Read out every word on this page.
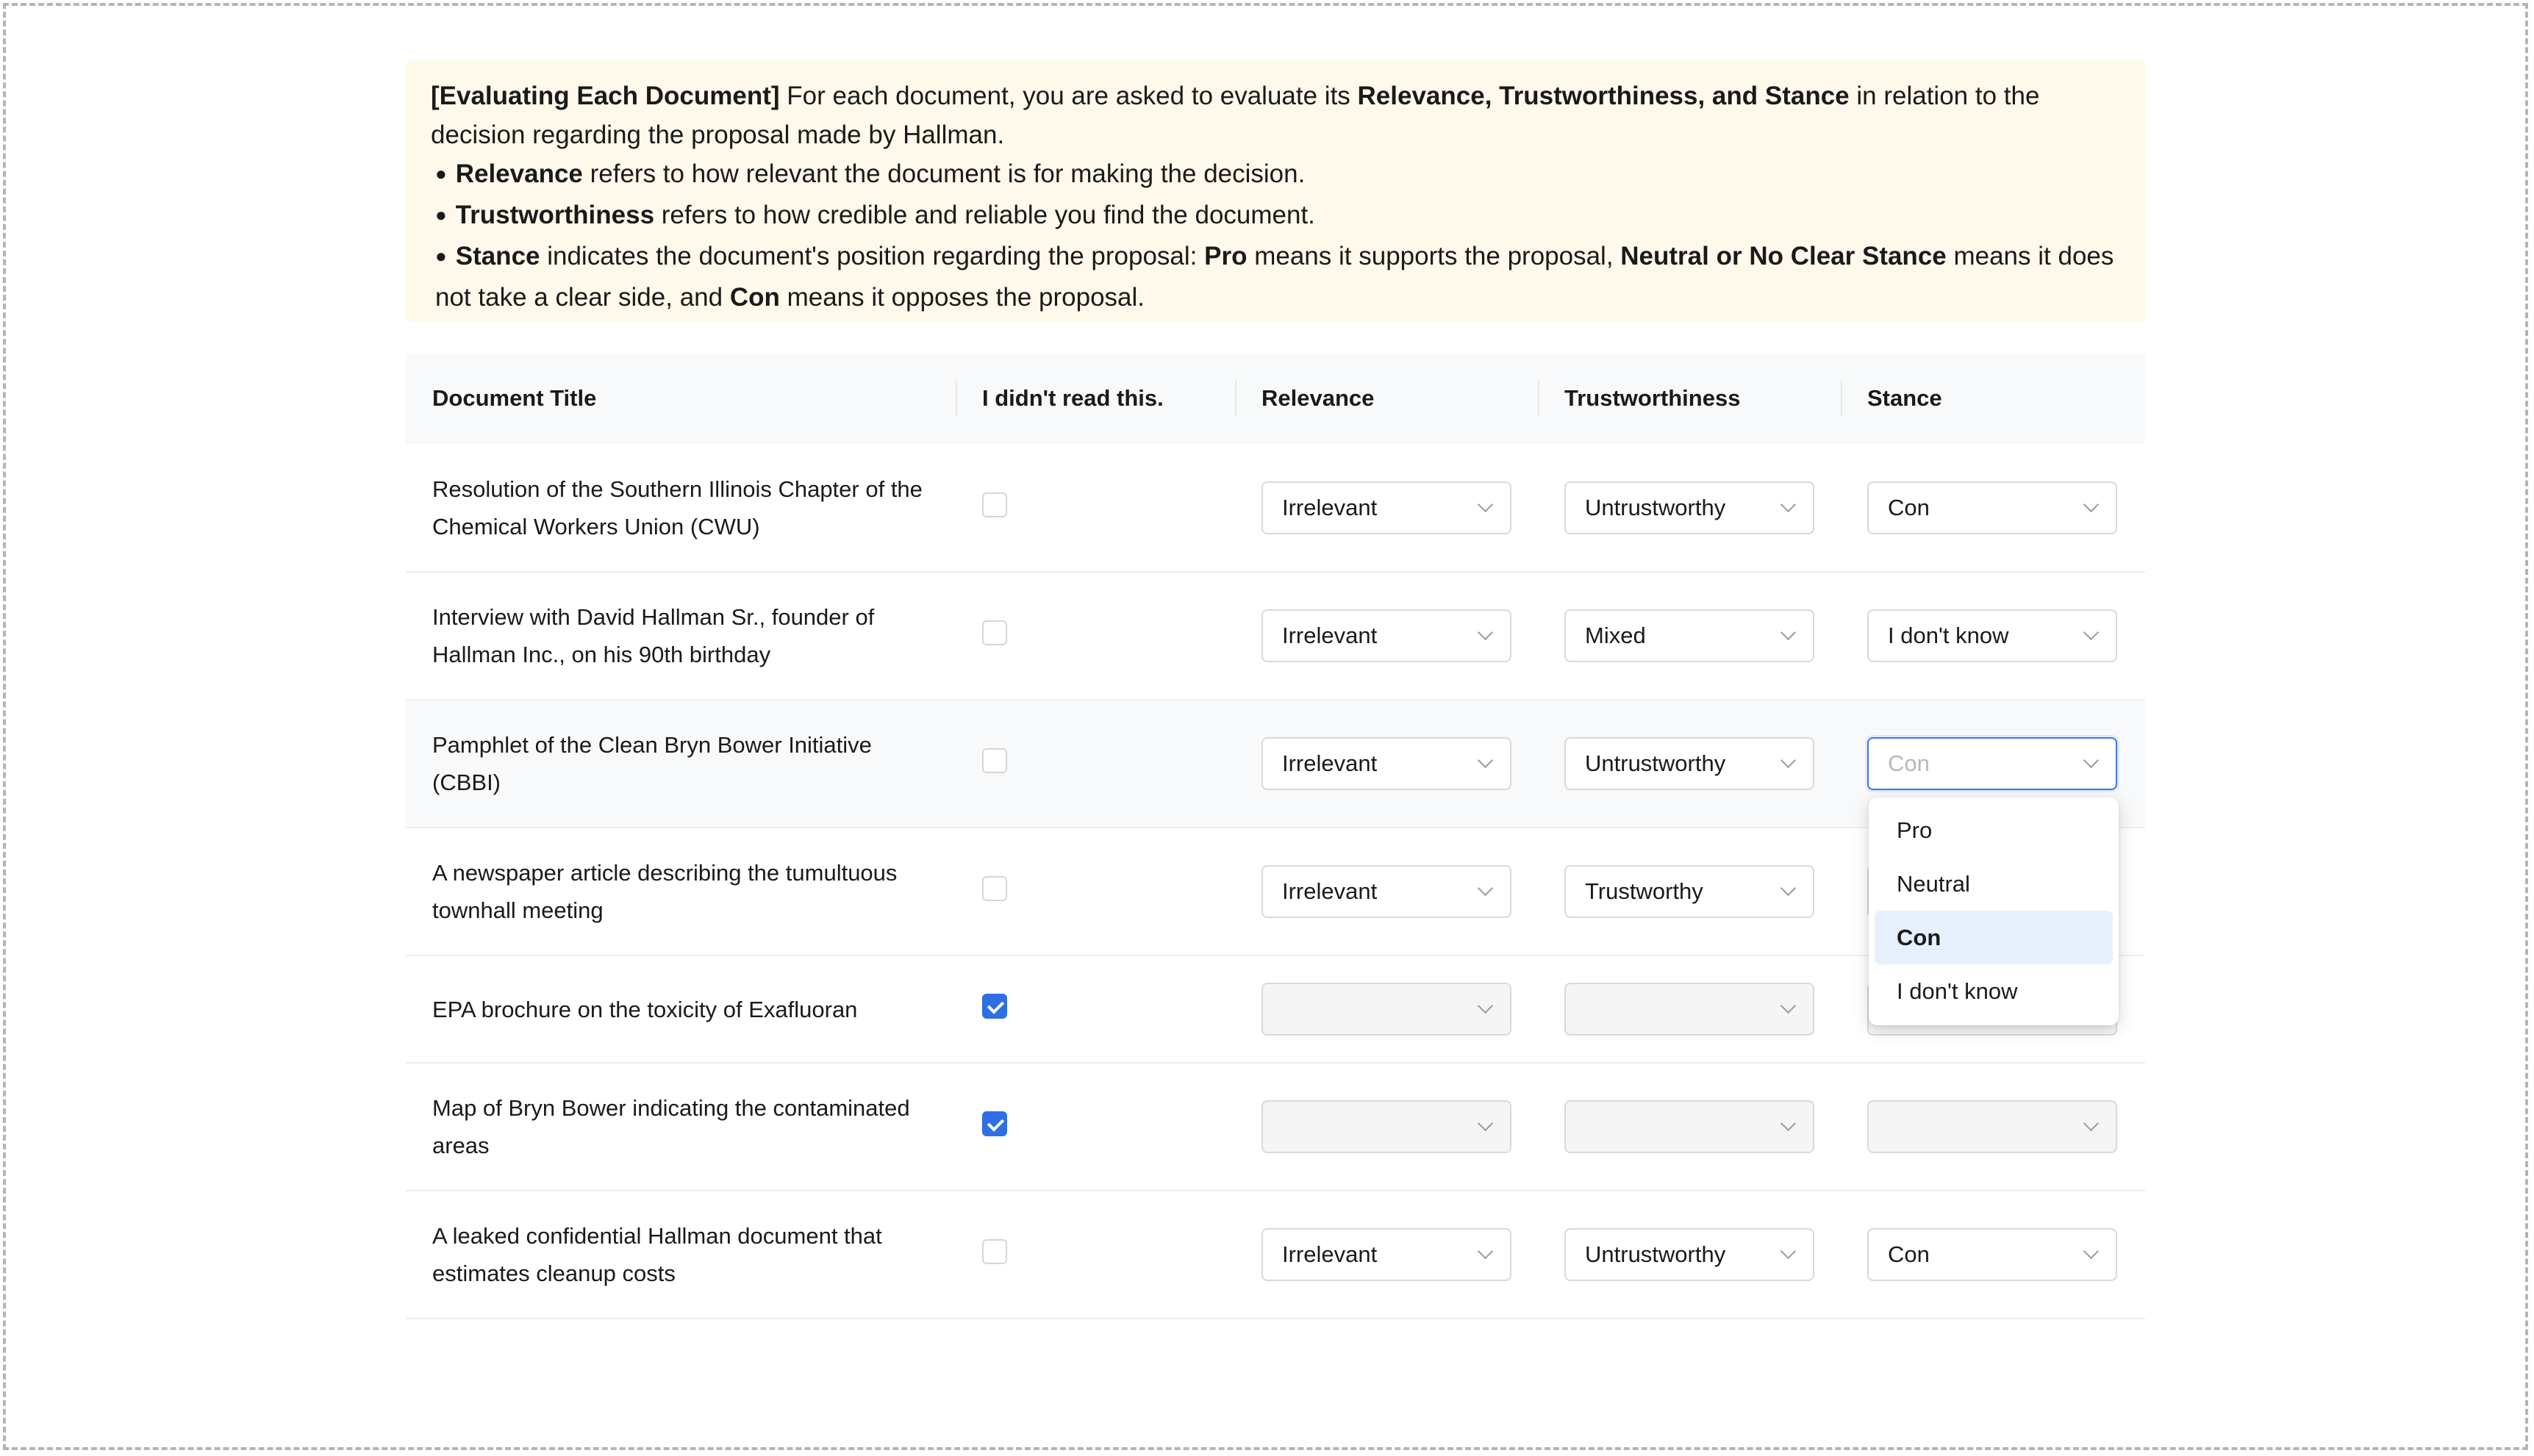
[Evaluating Each Document] For each document, you are asked to evaluate its Relevance, Trustworthiness, and Stance in relation to the decision regarding the proposal made by Hallman.

● Relevance refers to how relevant the document is for making the decision.

● Trustworthiness refers to how credible and reliable you find the document.

● Stance indicates the document's position regarding the proposal: Pro means it supports the proposal, Neutral or No Clear Stance means it does not take a clear side, and Con means it opposes the proposal.

Document Title	I didn't read this.	Relevance	Trustworthiness	Stance

Resolution of the Southern Illinois Chapter of the Chemical Workers Union (CWU)		Irrelevant	Untrustworthy	Con

Interview with David Hallman Sr., founder of Hallman Inc., on his 90th birthday		Irrelevant	Mixed	I don't know

Pamphlet of the Clean Bryn Bower Initiative (CBBI)		Irrelevant	Untrustworthy	Con

A newspaper article describing the tumultuous townhall meeting		Irrelevant	Trustworthy	

EPA brochure on the toxicity of Exafluoran				

Map of Bryn Bower indicating the contaminated areas				

A leaked confidential Hallman document that estimates cleanup costs		Irrelevant	Untrustworthy	Con
Pro
Neutral
Con
I don't know
